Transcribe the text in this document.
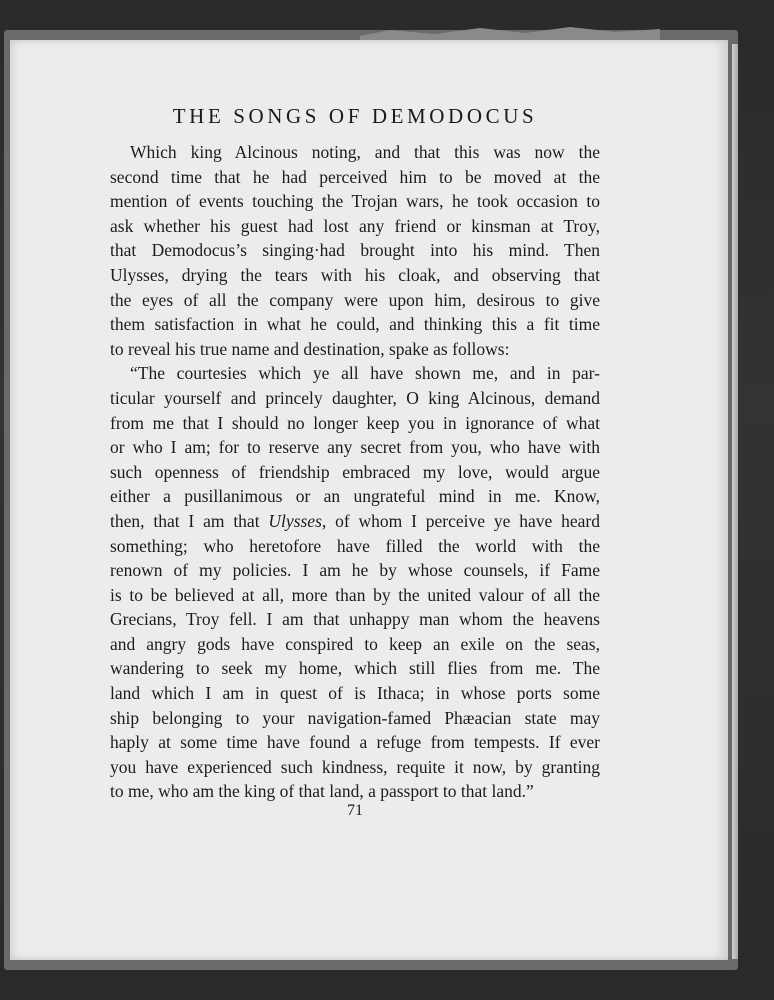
THE SONGS OF DEMODOCUS
Which king Alcinous noting, and that this was now the
second time that he had perceived him to be moved at the
mention of events touching the Trojan wars, he took occasion to
ask whether his guest had lost any friend or kinsman at Troy,
that Demodocus’s singing·had brought into his mind. Then
Ulysses, drying the tears with his cloak, and observing that
the eyes of all the company were upon him, desirous to give
them satisfaction in what he could, and thinking this a fit time
to reveal his true name and destination, spake as follows:
“The courtesies which ye all have shown me, and in par-
ticular yourself and princely daughter, O king Alcinous, demand
from me that I should no longer keep you in ignorance of what
or who I am; for to reserve any secret from you, who have with
such openness of friendship embraced my love, would argue
either a pusillanimous or an ungrateful mind in me. Know,
then, that I am that Ulysses, of whom I perceive ye have heard
something; who heretofore have filled the world with the
renown of my policies. I am he by whose counsels, if Fame
is to be believed at all, more than by the united valour of all the
Grecians, Troy fell. I am that unhappy man whom the heavens
and angry gods have conspired to keep an exile on the seas,
wandering to seek my home, which still flies from me. The
land which I am in quest of is Ithaca; in whose ports some
ship belonging to your navigation-famed Phæacian state may
haply at some time have found a refuge from tempests. If ever
you have experienced such kindness, requite it now, by granting
to me, who am the king of that land, a passport to that land.”
71
